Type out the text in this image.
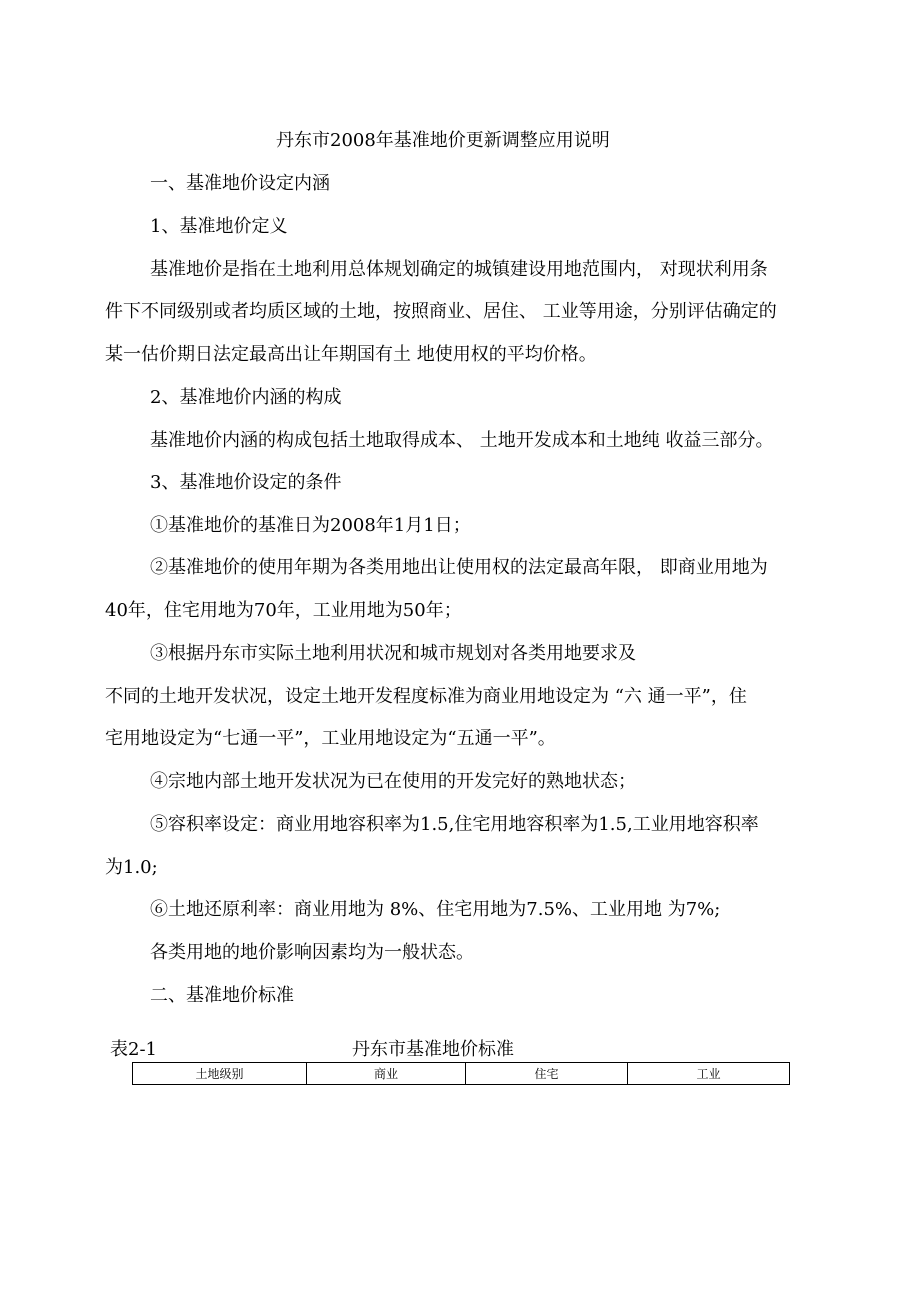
丹东市2008年基准地价更新调整应用说明

一、基准地价设定内涵

1、基准地价定义

基准地价是指在土地利用总体规划确定的城镇建设用地范围内， 对现状利用条

件下不同级别或者均质区域的土地，按照商业、居住、 工业等用途，分别评估确定的

某一估价期日法定最高出让年期国有土 地使用权的平均价格。

2、基准地价内涵的构成

基准地价内涵的构成包括土地取得成本、 土地开发成本和土地纯 收益三部分。

3、基准地价设定的条件

①基准地价的基准日为2008年1月1日；

②基准地价的使用年期为各类用地出让使用权的法定最高年限， 即商业用地为

40年，住宅用地为70年，工业用地为50年；

③根据丹东市实际土地利用状况和城市规划对各类用地要求及

不同的土地开发状况，设定土地开发程度标准为商业用地设定为 “六 通一平”，住

宅用地设定为“七通一平”，工业用地设定为“五通一平”。

④宗地内部土地开发状况为已在使用的开发完好的熟地状态；

⑤容积率设定：商业用地容积率为1.5,住宅用地容积率为1.5,工业用地容积率

为1.0;

⑥土地还原利率：商业用地为 8%、住宅用地为7.5%、工业用地 为7%;

各类用地的地价影响因素均为一般状态。

二、基准地价标准

表2-1	丹东市基准地价标准

土地级别	商业	住宅	工业
